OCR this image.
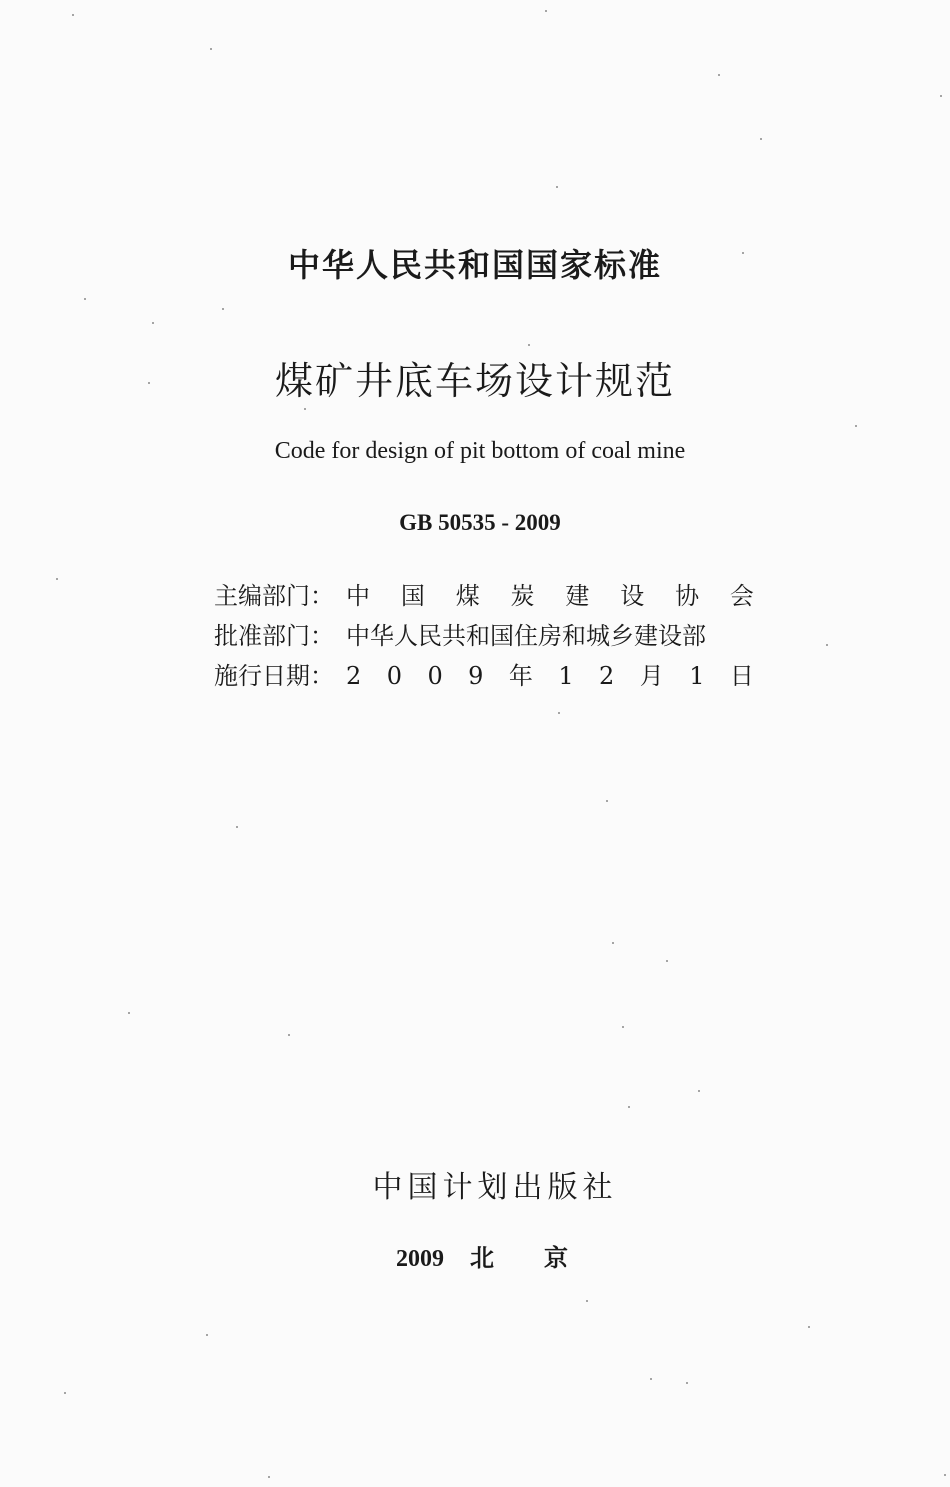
中华人民共和国国家标准
煤矿井底车场设计规范
Code for design of pit bottom of coal mine
GB 50535 - 2009
主编部门： 中 国 煤 炭 建 设 协 会
批准部门： 中华人民共和国住房和城乡建设部
施行日期： 2 0 0 9 年 1 2 月 1 日
中国计划出版社
2009 北京
